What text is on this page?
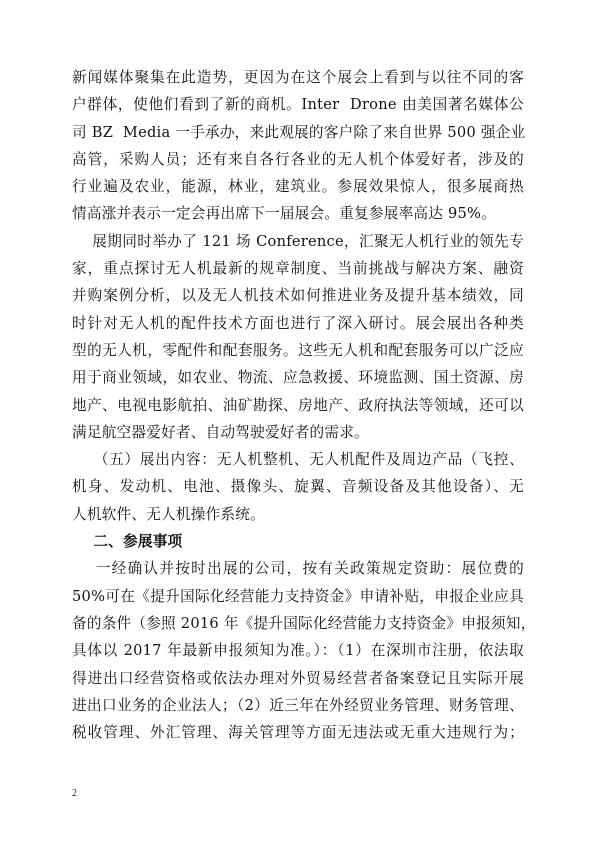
新闻媒体聚集在此造势，更因为在这个展会上看到与以往不同的客
户群体，使他们看到了新的商机。Inter  Drone 由美国著名媒体公
司 BZ  Media 一手承办，来此观展的客户除了来自世界 500 强企业
高管，采购人员；还有来自各行各业的无人机个体爱好者，涉及的
行业遍及农业，能源，林业，建筑业。参展效果惊人，很多展商热
情高涨并表示一定会再出席下一届展会。重复参展率高达 95%。
展期同时举办了 121 场 Conference，汇聚无人机行业的领先专
家，重点探讨无人机最新的规章制度、当前挑战与解决方案、融资
并购案例分析，以及无人机技术如何推进业务及提升基本绩效，同
时针对无人机的配件技术方面也进行了深入研讨。展会展出各种类
型的无人机，零配件和配套服务。这些无人机和配套服务可以广泛应
用于商业领域，如农业、物流、应急救援、环境监测、国土资源、房
地产、电视电影航拍、油矿勘探、房地产、政府执法等领域，还可以
满足航空器爱好者、自动驾驶爱好者的需求。
（五）展出内容：无人机整机、无人机配件及周边产品（飞控、
机身、发动机、电池、摄像头、旋翼、音频设备及其他设备）、无
人机软件、无人机操作系统。
二、参展事项
一经确认并按时出展的公司，按有关政策规定资助：展位费的
50%可在《提升国际化经营能力支持资金》申请补贴，申报企业应具
备的条件（参照 2016 年《提升国际化经营能力支持资金》申报须知，
具体以 2017 年最新申报须知为准。）：（1）在深圳市注册，依法取
得进出口经营资格或依法办理对外贸易经营者备案登记且实际开展
进出口业务的企业法人；（2）近三年在外经贸业务管理、财务管理、
税收管理、外汇管理、海关管理等方面无违法或无重大违规行为；
2
